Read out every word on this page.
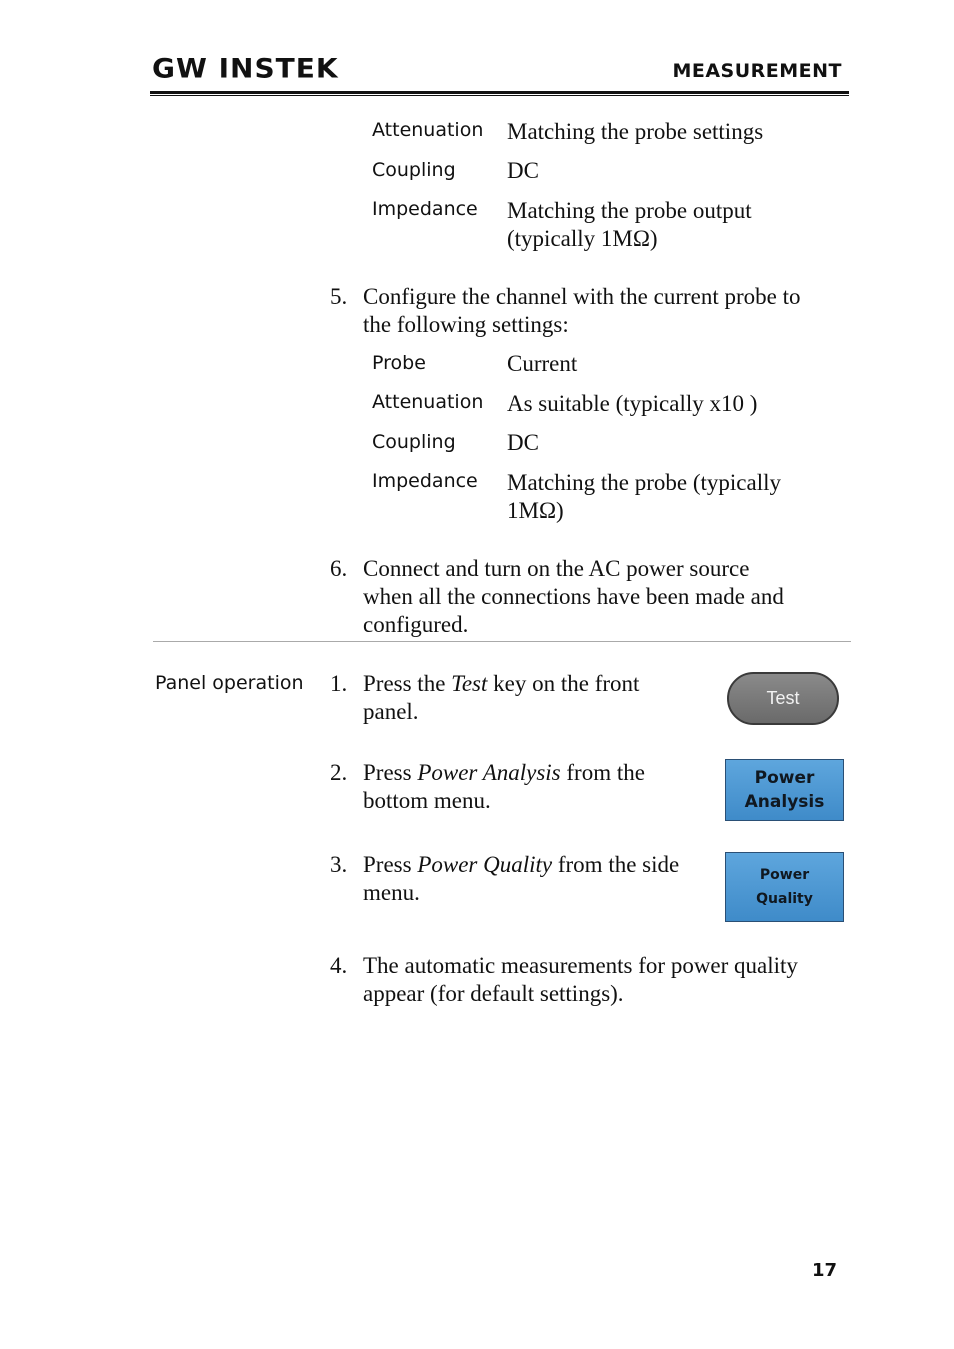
GW INSTEK	MEASUREMENT
Attenuation Matching the probe settings
Coupling DC
Impedance Matching the probe output
(typically 1MΩ)
5. Configure the channel with the current probe to
the following settings:
Probe	Current
Attenuation As suitable (typically x10 )
Coupling DC
Impedance Matching the probe (typically
1MΩ)
6. Connect and turn on the AC power source
when all the connections have been made and
configured.
Panel operation 1. Press the Test key on the front
panel.
Test
2. Press Power Analysis from the
bottom menu.
Power
Analysis
3. Press Power Quality from the side
menu.
Power
Quality
4. The automatic measurements for power quality
appear (for default settings).
17
